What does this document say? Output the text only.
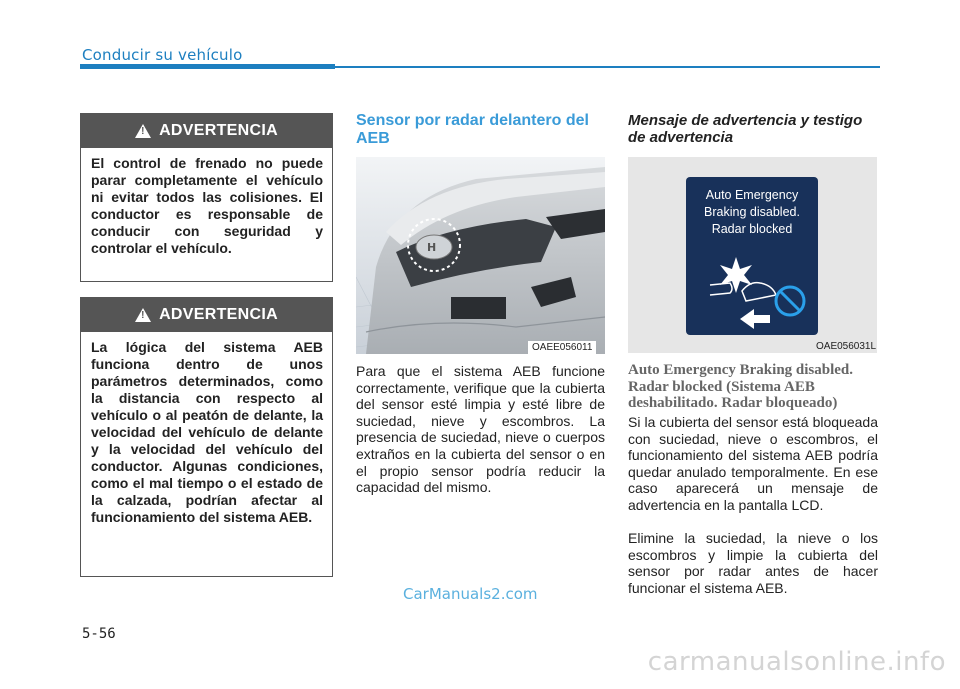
Conducir su vehículo
!
ADVERTENCIA
El control de frenado no puede parar completamente el vehículo ni evitar todos las colisiones. El conductor es responsable de conducir con seguridad y controlar el vehículo.
!
ADVERTENCIA
La lógica del sistema AEB funciona dentro de unos parámetros determinados, como la distancia con respecto al vehículo o al peatón de delante, la velocidad del vehículo de delante y la velocidad del vehículo del conductor. Algunas condiciones, como el mal tiempo o el estado de la calzada, podrían afectar al funcionamiento del sistema AEB.
Sensor por radar delantero del AEB
H
OAEE056011
Para que el sistema AEB funcione correctamente, verifique que la cubierta del sensor esté limpia y esté libre de suciedad, nieve y escombros. La presencia de suciedad, nieve o cuerpos extraños en la cubierta del sensor o en el propio sensor podría reducir la capacidad del mismo.
Mensaje de advertencia y testigo de advertencia
Auto Emergency
Braking disabled.
Radar blocked
OAE056031L
Auto Emergency Braking disabled. Radar blocked (Sistema AEB deshabilitado. Radar bloqueado)
Si la cubierta del sensor está bloqueada con suciedad, nieve o escombros, el funcionamiento del sistema AEB podría quedar anulado temporalmente. En ese caso aparecerá un mensaje de advertencia en la pantalla LCD.
Elimine la suciedad, la nieve o los escombros y limpie la cubierta del sensor por radar antes de hacer funcionar el sistema AEB.
CarManuals2.com
5-56
carmanualsonline.info
